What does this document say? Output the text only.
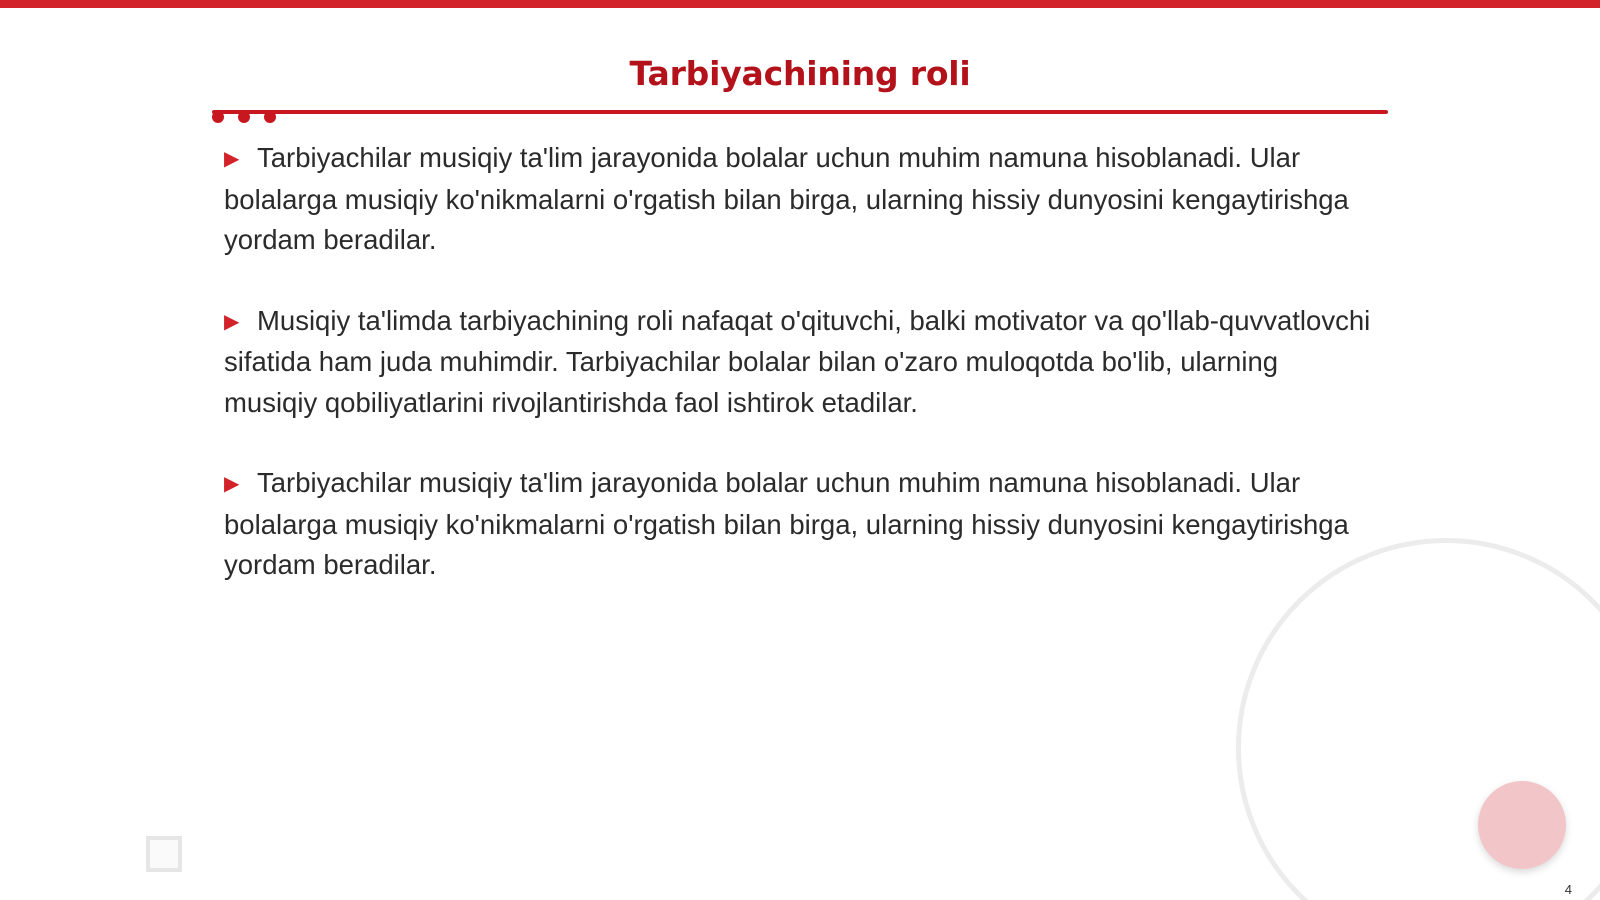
Tarbiyachining roli

▶ Tarbiyachilar musiqiy ta'lim jarayonida bolalar uchun muhim namuna hisoblanadi. Ular bolalarga musiqiy ko'nikmalarni o'rgatish bilan birga, ularning hissiy dunyosini kengaytirishga yordam beradilar.

▶ Musiqiy ta'limda tarbiyachining roli nafaqat o'qituvchi, balki motivator va qo'llab-quvvatlovchi sifatida ham juda muhimdir. Tarbiyachilar bolalar bilan o'zaro muloqotda bo'lib, ularning musiqiy qobiliyatlarini rivojlantirishda faol ishtirok etadilar.

▶ Tarbiyachilar musiqiy ta'lim jarayonida bolalar uchun muhim namuna hisoblanadi. Ular bolalarga musiqiy ko'nikmalarni o'rgatish bilan birga, ularning hissiy dunyosini kengaytirishga yordam beradilar.

4
